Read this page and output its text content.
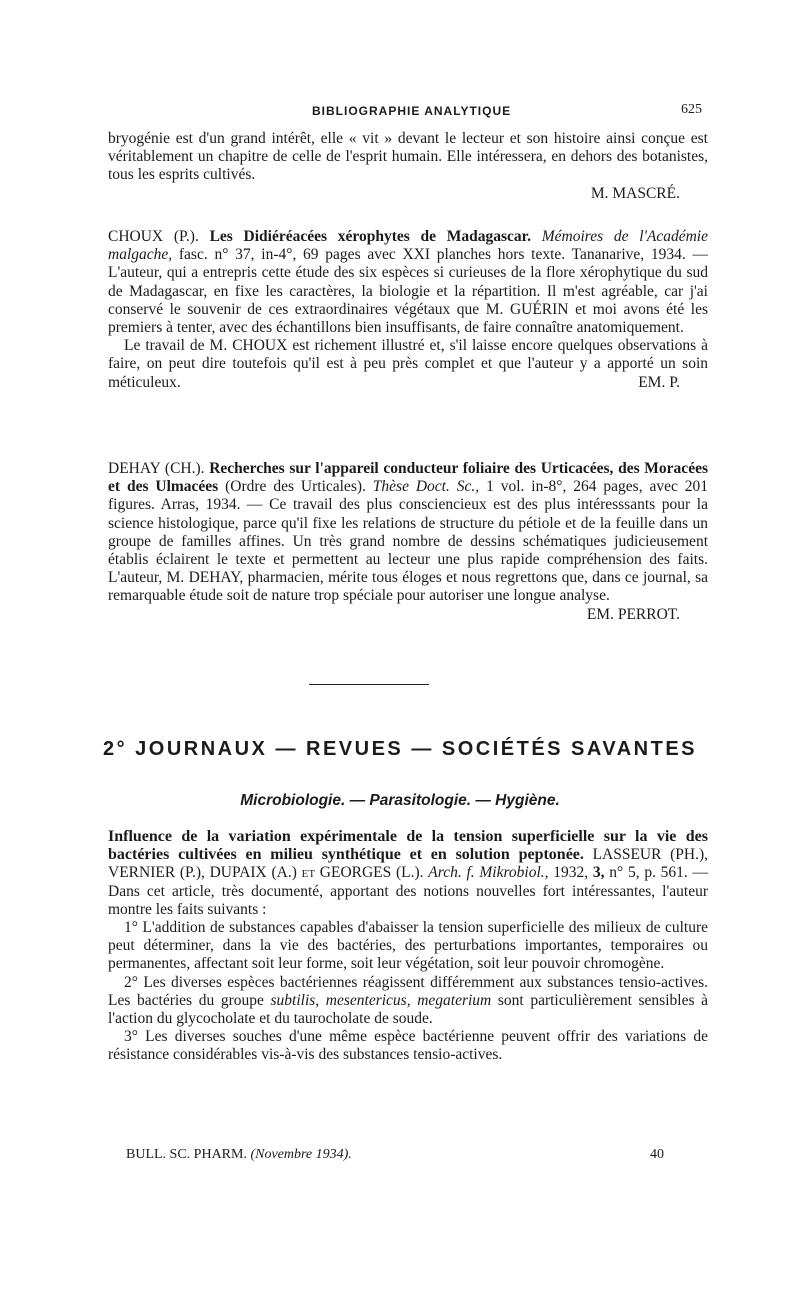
BIBLIOGRAPHIE ANALYTIQUE	625
bryogénie est d'un grand intérêt, elle « vit » devant le lecteur et son histoire ainsi conçue est véritablement un chapitre de celle de l'esprit humain. Elle intéressera, en dehors des botanistes, tous les esprits cultivés.
M. MASCRÉ.
CHOUX (P.). Les Didiéréacées xérophytes de Madagascar. Mémoires de l'Académie malgache, fasc. n° 37, in-4°, 69 pages avec XXI planches hors texte. Tananarive, 1934. — L'auteur, qui a entrepris cette étude des six espèces si curieuses de la flore xérophytique du sud de Madagascar, en fixe les caractères, la biologie et la répartition. Il m'est agréable, car j'ai conservé le souvenir de ces extraordinaires végétaux que M. GUÉRIN et moi avons été les premiers à tenter, avec des échantillons bien insuffisants, de faire connaître anatomiquement.
Le travail de M. CHOUX est richement illustré et, s'il laisse encore quelques observations à faire, on peut dire toutefois qu'il est à peu près complet et que l'auteur y a apporté un soin méticuleux.	EM. P.
DEHAY (CH.). Recherches sur l'appareil conducteur foliaire des Urticacées, des Moracées et des Ulmacées (Ordre des Urticales). Thèse Doct. Sc., 1 vol. in-8°, 264 pages, avec 201 figures. Arras, 1934. — Ce travail des plus consciencieux est des plus intéresssants pour la science histologique, parce qu'il fixe les relations de structure du pétiole et de la feuille dans un groupe de familles affines. Un très grand nombre de dessins schématiques judicieusement établis éclairent le texte et permettent au lecteur une plus rapide compréhension des faits. L'auteur, M. DEHAY, pharmacien, mérite tous éloges et nous regrettons que, dans ce journal, sa remarquable étude soit de nature trop spéciale pour autoriser une longue analyse.
EM. PERROT.
2° JOURNAUX — REVUES — SOCIÉTÉS SAVANTES
Microbiologie. — Parasitologie. — Hygiène.
Influence de la variation expérimentale de la tension superficielle sur la vie des bactéries cultivées en milieu synthétique et en solution peptonée. LASSEUR (PH.), VERNIER (P.), DUPAIX (A.) et GEORGES (L.). Arch. f. Mikrobiol., 1932, 3, n° 5, p. 561. — Dans cet article, très documenté, apportant des notions nouvelles fort intéressantes, l'auteur montre les faits suivants :
1° L'addition de substances capables d'abaisser la tension superficielle des milieux de culture peut déterminer, dans la vie des bactéries, des perturbations importantes, temporaires ou permanentes, affectant soit leur forme, soit leur végétation, soit leur pouvoir chromogène.
2° Les diverses espèces bactériennes réagissent différemment aux substances tensio-actives. Les bactéries du groupe subtilis, mesentericus, megaterium sont particulièrement sensibles à l'action du glycocholate et du taurocholate de soude.
3° Les diverses souches d'une même espèce bactérienne peuvent offrir des variations de résistance considérables vis-à-vis des substances tensio-actives.
BULL. SC. PHARM. (Novembre 1934).	40
